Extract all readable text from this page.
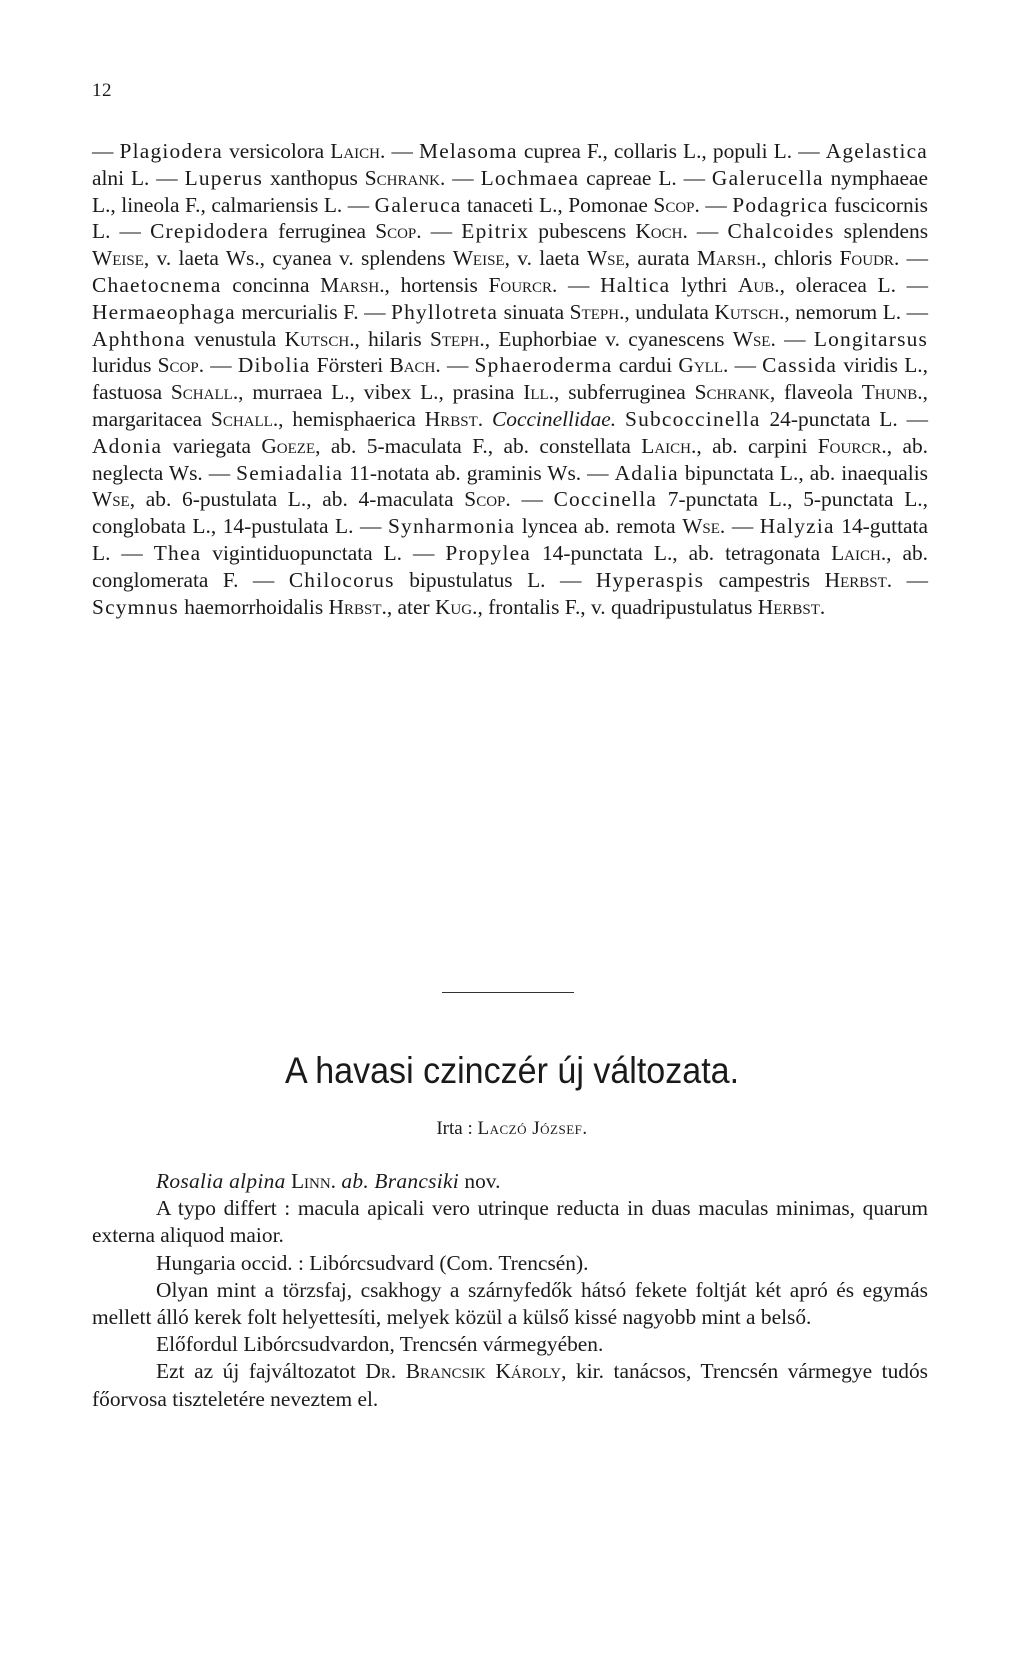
12
— Plagiodera versicolora Laich. — Melasoma cuprea F., collaris L., populi L. — Agelastica alni L. — Luperus xanthopus Schrank. — Lochmaea capreae L. — Galerucella nymphaeae L., lineola F., calmariensis L. — Galeruca tanaceti L., Pomonae Scop. — Podagrica fuscicornis L. — Crepidodera ferruginea Scop. — Epitrix pubescens Koch. — Chalcoides splendens Weise, v. laeta Ws., cyanea v. splendens Weise, v. laeta Wse, aurata Marsh., chloris Foudr. — Chaetocnema concinna Marsh., hortensis Fourcr. — Haltica lythri Aub., oleracea L. — Hermaeophaga mercurialis F. — Phyllotreta sinuata Steph., undulata Kutsch., nemorum L. — Aphthona venustula Kutsch., hilaris Steph., Euphorbiae v. cyanescens Wse. — Longitarsus luridus Scop. — Dibolia Försteri Bach. — Sphaeroderma cardui Gyll. — Cassida viridis L., fastuosa Schall., murraea L., vibex L., prasina Ill., subferruginea Schrank, flaveola Thunb., margaritacea Schall., hemisphaerica Hrbst. Coccinellidae. Subcoccinella 24-punctata L. — Adonia variegata Goeze, ab. 5-maculata F., ab. constellata Laich., ab. carpini Fourcr., ab. neglecta Ws. — Semiadalia 11-notata ab. graminis Ws. — Adalia bipunctata L., ab. inaequalis Wse, ab. 6-pustulata L., ab. 4-maculata Scop. — Coccinella 7-punctata L., 5-punctata L., conglobata L., 14-pustulata L. — Synharmonia lyncea ab. remota Wse. — Halyzia 14-guttata L. — Thea vigintiduopunctata L. — Propylea 14-punctata L., ab. tetragonata Laich., ab. conglomerata F. — Chilocorus bipustulatus L. — Hyperaspis campestris Herbst. — Scymnus haemorrhoidalis Hrbst., ater Kug., frontalis F., v. quadripustulatus Herbst.
A havasi czinczér új változata.
Irta : Laczó József.

Rosalia alpina Linn. ab. Brancsiki nov.

A typo differt : macula apicali vero utrinque reducta in duas maculas minimas, quarum externa aliquod maior.

Hungaria occid. : Libórcsudvard (Com. Trencsén).

Olyan mint a törzsfaj, csakhogy a szárnyfedők hátsó fekete foltját két apró és egymás mellett álló kerek folt helyettesíti, melyek közül a külső kissé nagyobb mint a belső.

Előfordul Libórcsudvardon, Trencsén vármegyében.

Ezt az új fajváltozatot Dr. Brancsik Károly, kir. tanácsos, Trencsén vármegye tudós főorvosa tiszteletére neveztem el.
